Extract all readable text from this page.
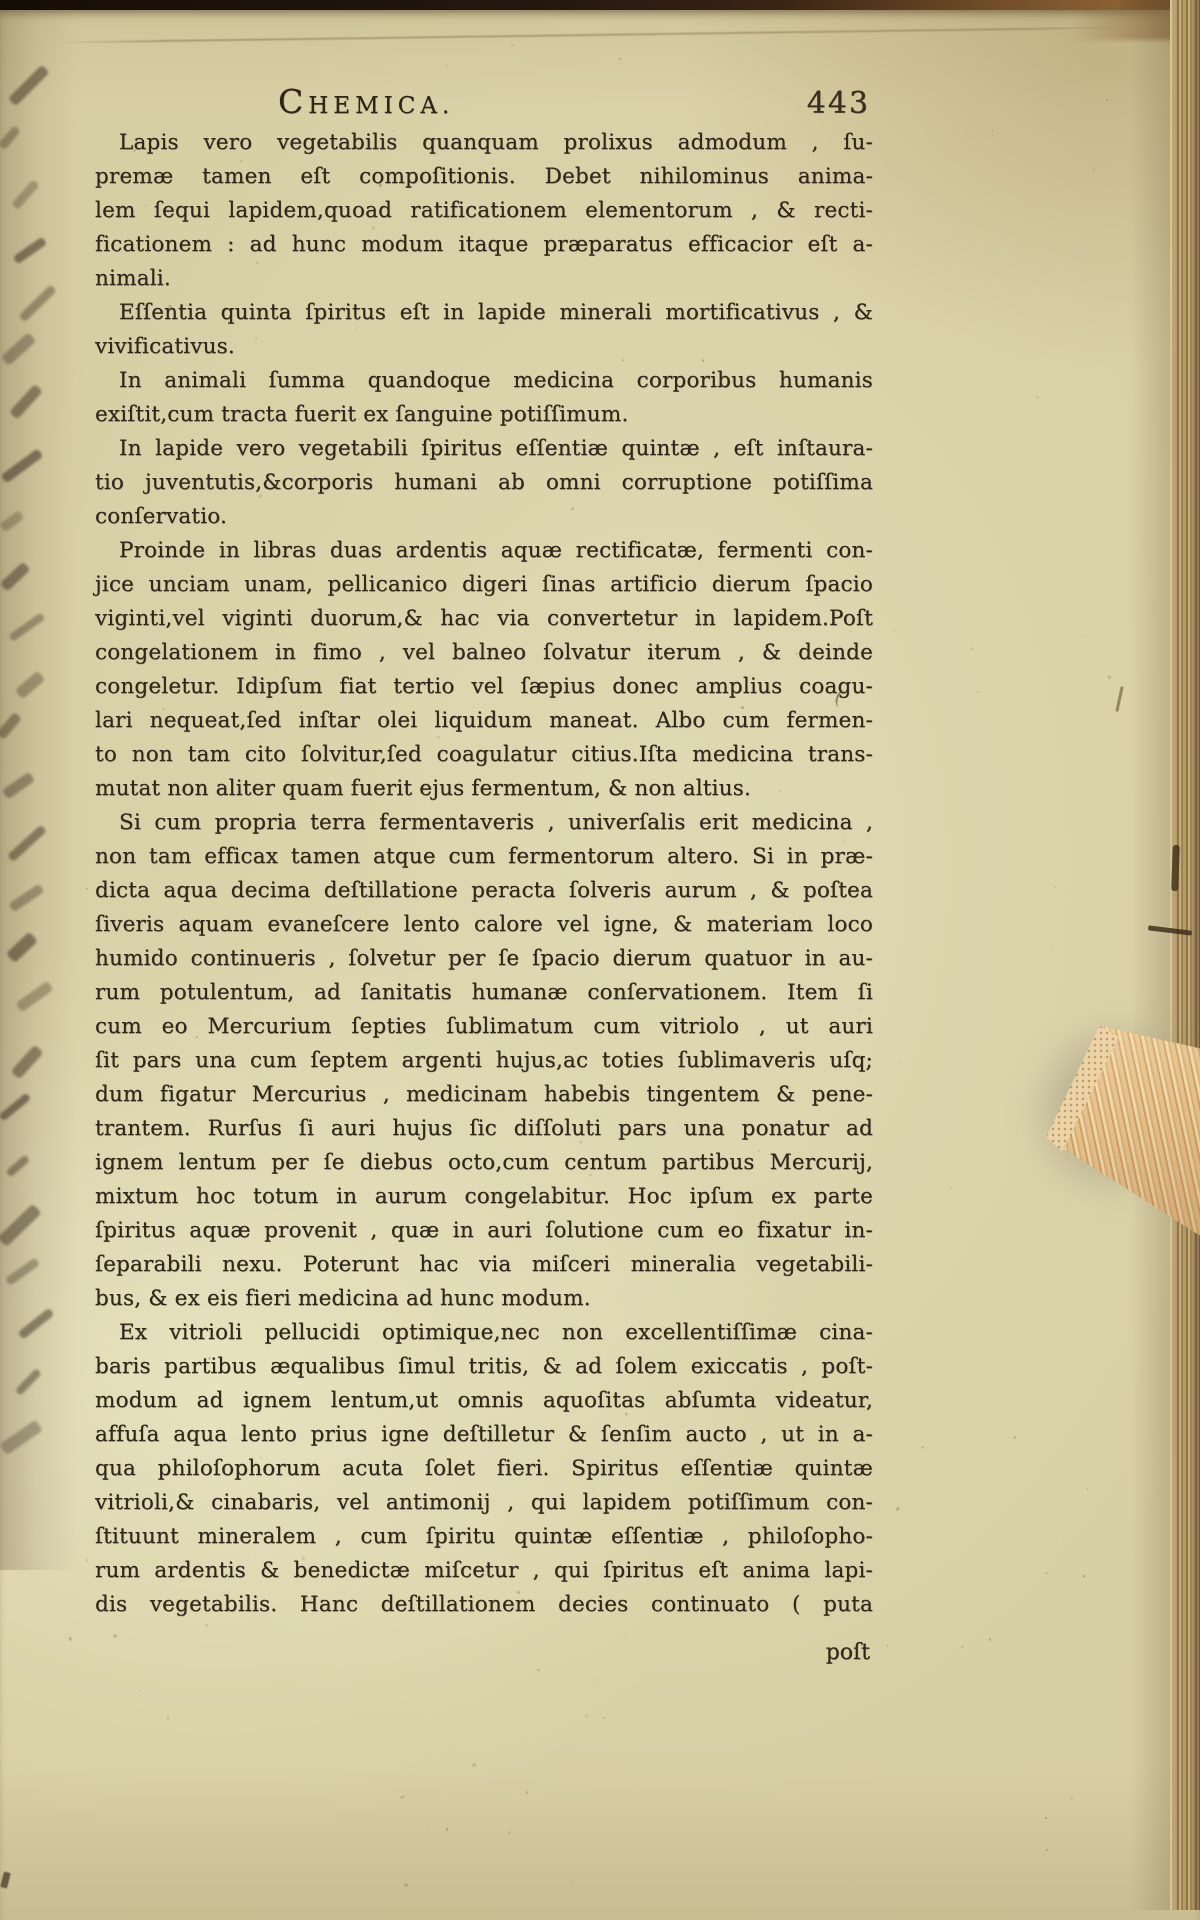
CHEMICA.	443
Lapis vero vegetabilis quanquam prolixus admodum , ſu-
premæ tamen eſt compoſitionis. Debet nihilominus anima-
lem ſequi lapidem,quoad ratificationem elementorum , & recti-
ficationem : ad hunc modum itaque præparatus efficacior eſt a-
nimali.
Eſſentia quinta ſpiritus eſt in lapide minerali mortificativus , &
vivificativus.
In animali ſumma quandoque medicina corporibus humanis
exiſtit,cum tracta fuerit ex ſanguine potiſſimum.
In lapide vero vegetabili ſpiritus eſſentiæ quintæ , eſt inſtaura-
tio juventutis,&corporis humani ab omni corruptione potiſſima
conſervatio.
Proinde in libras duas ardentis aquæ rectificatæ, fermenti con-
jice unciam unam, pellicanico digeri ſinas artificio dierum ſpacio
viginti,vel viginti duorum,& hac via convertetur in lapidem.Poſt
congelationem in fimo , vel balneo ſolvatur iterum , & deinde
congeletur. Idipſum fiat tertio vel ſæpius donec amplius coagu-
lari nequeat,ſed inſtar olei liquidum maneat. Albo cum fermen-
to non tam cito ſolvitur,ſed coagulatur citius.Iſta medicina trans-
mutat non aliter quam fuerit ejus fermentum, & non altius.
Si cum propria terra fermentaveris , univerſalis erit medicina ,
non tam efficax tamen atque cum fermentorum altero. Si in præ-
dicta aqua decima deſtillatione peracta ſolveris aurum , & poſtea
ſiveris aquam evaneſcere lento calore vel igne, & materiam loco
humido continueris , ſolvetur per ſe ſpacio dierum quatuor in au-
rum potulentum, ad ſanitatis humanæ conſervationem. Item ſi
cum eo Mercurium ſepties ſublimatum cum vitriolo , ut auri
ſit pars una cum ſeptem argenti hujus,ac toties ſublimaveris uſq;
dum figatur Mercurius , medicinam habebis tingentem & pene-
trantem. Rurſus ſi auri hujus ſic diſſoluti pars una ponatur ad
ignem lentum per ſe diebus octo,cum centum partibus Mercurij,
mixtum hoc totum in aurum congelabitur. Hoc ipſum ex parte
ſpiritus aquæ provenit , quæ in auri ſolutione cum eo fixatur in-
ſeparabili nexu. Poterunt hac via miſceri mineralia vegetabili-
bus, & ex eis fieri medicina ad hunc modum.
Ex vitrioli pellucidi optimique,nec non excellentiſſimæ cina-
baris partibus æqualibus ſimul tritis, & ad ſolem exiccatis , poſt-
modum ad ignem lentum,ut omnis aquoſitas abſumta videatur,
affuſa aqua lento prius igne deſtilletur & ſenſim aucto , ut in a-
qua philoſophorum acuta ſolet fieri. Spiritus eſſentiæ quintæ
vitrioli,& cinabaris, vel antimonij , qui lapidem potiſſimum con-
ſtituunt mineralem , cum ſpiritu quintæ eſſentiæ , philoſopho-
rum ardentis & benedictæ miſcetur , qui ſpiritus eſt anima lapi-
dis vegetabilis. Hanc deſtillationem decies continuato ( puta
poſt
